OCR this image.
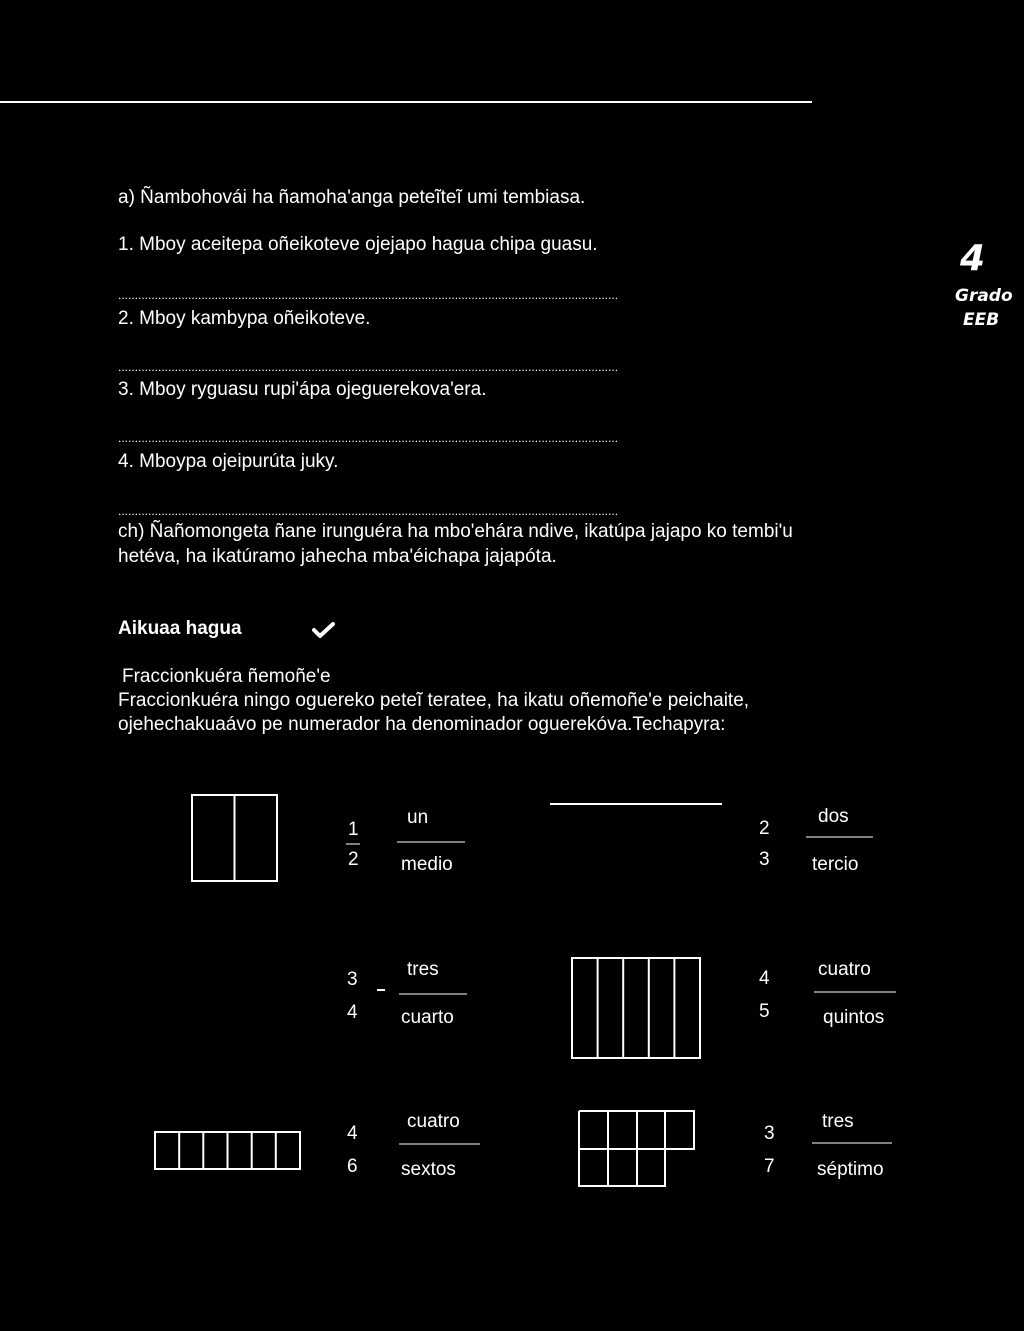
4
Grado
EEB
a) Ñambohovái ha ñamoha'anga peteĩteĩ umi tembiasa.
1. Mboy aceitepa oñeikoteve ojejapo hagua chipa guasu.
......................................................................................................................................................
2. Mboy kambypa oñeikoteve.
......................................................................................................................................................
3. Mboy ryguasu rupi'ápa ojeguerekova'era.
......................................................................................................................................................
4. Mboypa ojeipurúta juky.
......................................................................................................................................................
ch) Ñañomongeta ñane irunguéra ha mbo'ehára ndive, ikatúpa jajapo ko tembi'u
hetéva, ha ikatúramo jahecha mba'éichapa jajapóta.
Aikuaa hagua
Fraccionkuéra ñemoñe'e
Fraccionkuéra ningo oguereko peteĩ teratee, ha ikatu oñemoñe'e peichaite,
ojehechakuaávo pe numerador ha denominador oguerekóva.Techapyra:
1
2
un
medio
2
3
dos
tercio
3
4
tres
cuarto
4
5
cuatro
quintos
4
6
cuatro
sextos
3
7
tres
séptimo
